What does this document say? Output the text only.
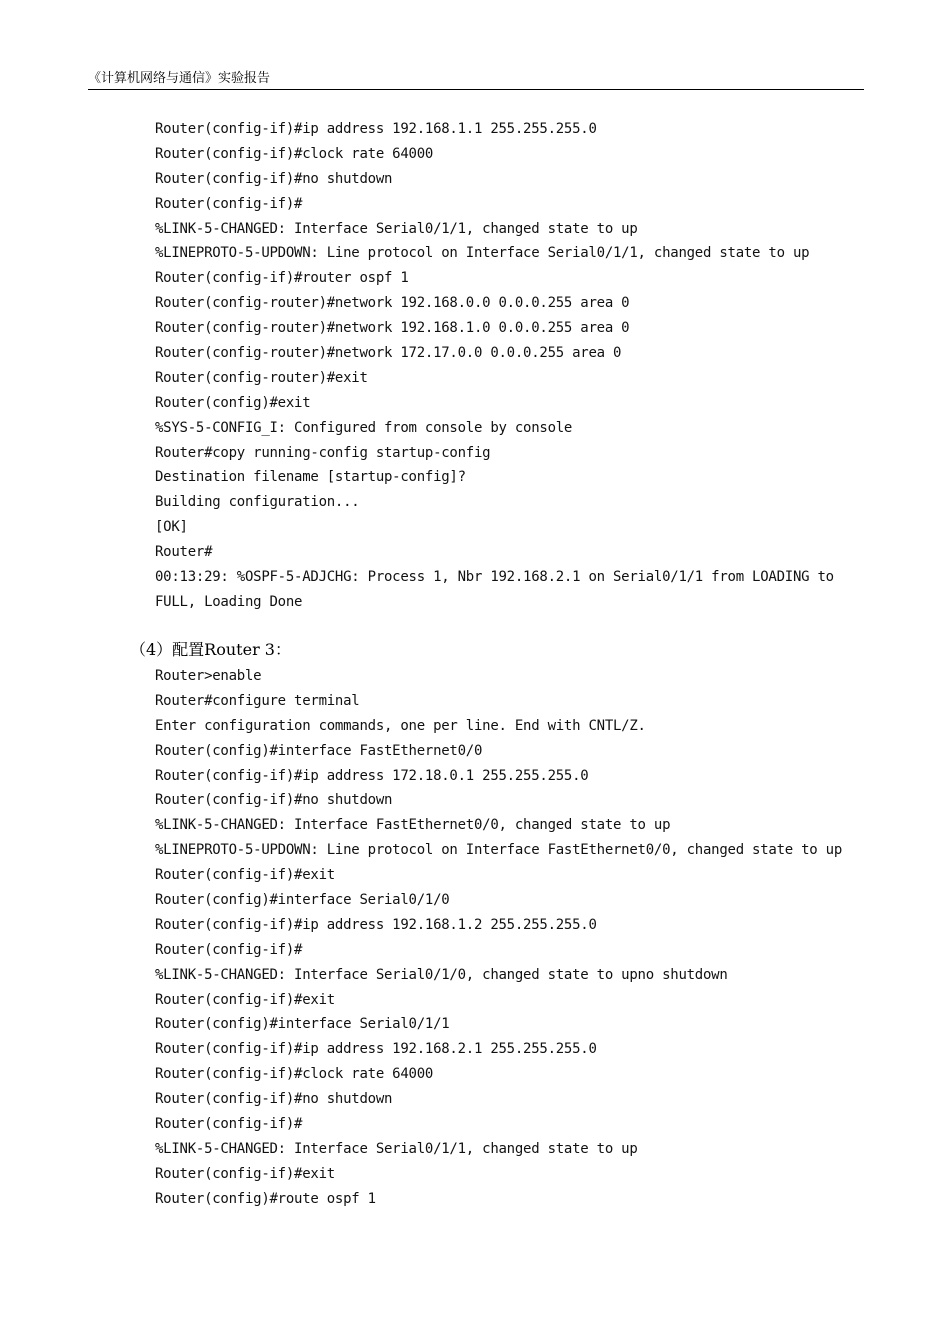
《计算机网络与通信》实验报告
Router(config-if)#ip address 192.168.1.1 255.255.255.0
Router(config-if)#clock rate 64000
Router(config-if)#no shutdown
Router(config-if)#
%LINK-5-CHANGED: Interface Serial0/1/1, changed state to up
%LINEPROTO-5-UPDOWN: Line protocol on Interface Serial0/1/1, changed state to up
Router(config-if)#router ospf 1
Router(config-router)#network 192.168.0.0 0.0.0.255 area 0
Router(config-router)#network 192.168.1.0 0.0.0.255 area 0
Router(config-router)#network 172.17.0.0 0.0.0.255 area 0
Router(config-router)#exit
Router(config)#exit
%SYS-5-CONFIG_I: Configured from console by console
Router#copy running-config startup-config
Destination filename [startup-config]?
Building configuration...
[OK]
Router#
00:13:29: %OSPF-5-ADJCHG: Process 1, Nbr 192.168.2.1 on Serial0/1/1 from LOADING to
FULL, Loading Done
（4）配置Router 3：
Router>enable
Router#configure terminal
Enter configuration commands, one per line. End with CNTL/Z.
Router(config)#interface FastEthernet0/0
Router(config-if)#ip address 172.18.0.1 255.255.255.0
Router(config-if)#no shutdown
%LINK-5-CHANGED: Interface FastEthernet0/0, changed state to up
%LINEPROTO-5-UPDOWN: Line protocol on Interface FastEthernet0/0, changed state to up
Router(config-if)#exit
Router(config)#interface Serial0/1/0
Router(config-if)#ip address 192.168.1.2 255.255.255.0
Router(config-if)#
%LINK-5-CHANGED: Interface Serial0/1/0, changed state to upno shutdown
Router(config-if)#exit
Router(config)#interface Serial0/1/1
Router(config-if)#ip address 192.168.2.1 255.255.255.0
Router(config-if)#clock rate 64000
Router(config-if)#no shutdown
Router(config-if)#
%LINK-5-CHANGED: Interface Serial0/1/1, changed state to up
Router(config-if)#exit
Router(config)#route ospf 1
